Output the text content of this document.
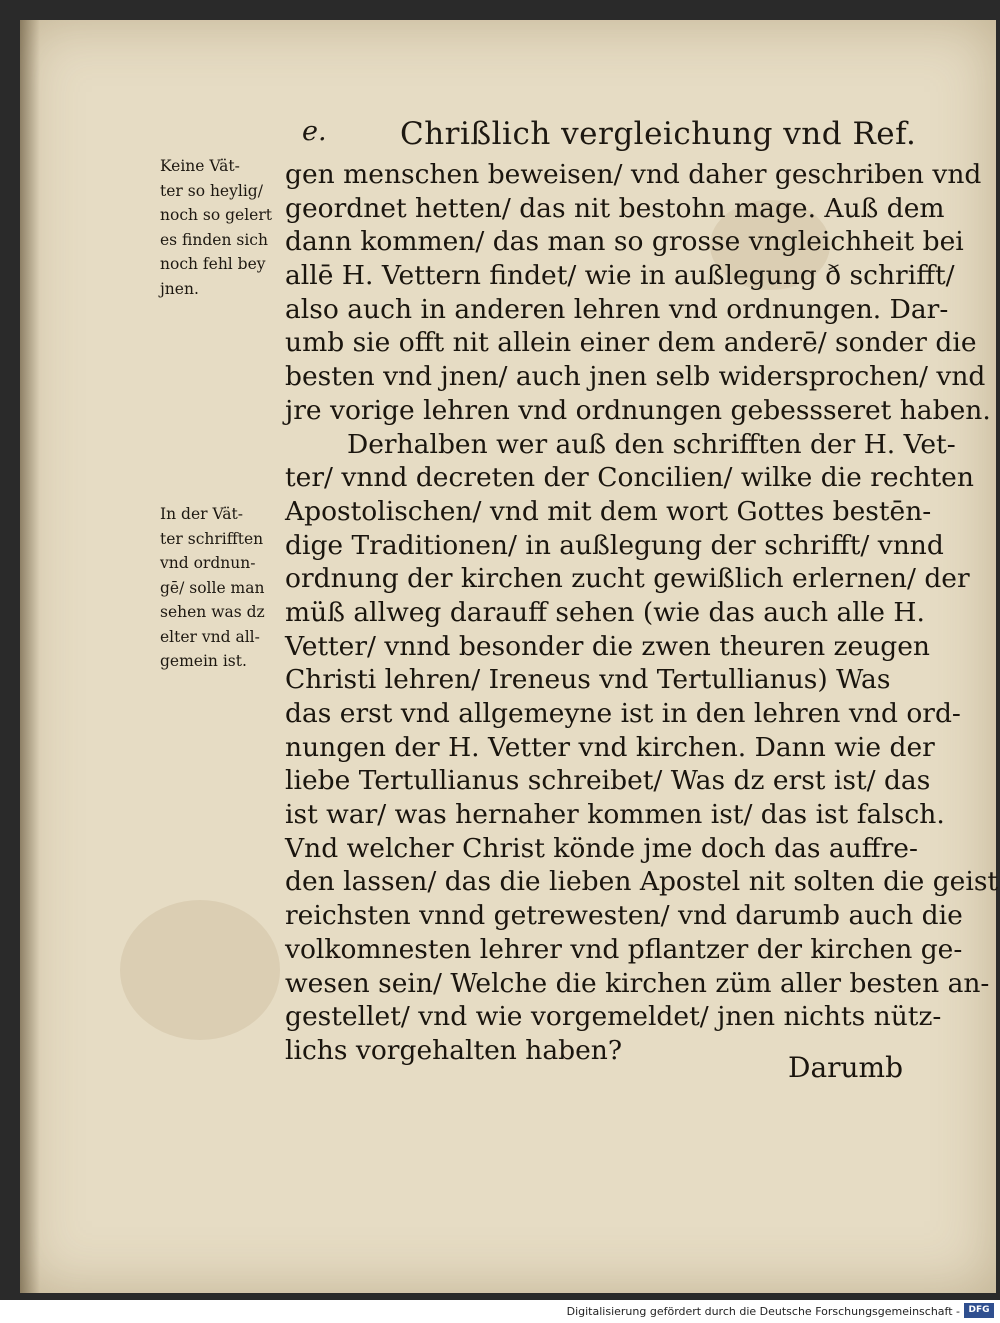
e. Chrißlich vergleichung vnd Ref.
Keine Vät-
ter so heylig/
noch so gelert
es finden sich
noch fehl bey
jnen.
In der Vät-
ter schrifften
vnd ordnun-
gē/ solle man
sehen was dz
elter vnd all-
gemein ist.
gen menschen beweisen/ vnd daher geschriben vnd
geordnet hetten/ das nit bestohn mage. Auß dem
dann kommen/ das man so grosse vngleichheit bei
allē H. Vettern findet/ wie in außlegung ð schrifft/
also auch in anderen lehren vnd ordnungen. Dar-
umb sie offt nit allein einer dem anderē/ sonder die
besten vnd jnen/ auch jnen selb widersprochen/ vnd
jre vorige lehren vnd ordnungen gebessseret haben.
Derhalben wer auß den schrifften der H. Vet-
ter/ vnnd decreten der Concilien/ wilke die rechten
Apostolischen/ vnd mit dem wort Gottes bestēn-
dige Traditionen/ in außlegung der schrifft/ vnnd
ordnung der kirchen zucht gewißlich erlernen/ der
müß allweg darauff sehen (wie das auch alle H.
Vetter/ vnnd besonder die zwen theuren zeugen
Christi lehren/ Ireneus vnd Tertullianus) Was
das erst vnd allgemeyne ist in den lehren vnd ord-
nungen der H. Vetter vnd kirchen. Dann wie der
liebe Tertullianus schreibet/ Was dz erst ist/ das
ist war/ was hernaher kommen ist/ das ist falsch.
Vnd welcher Christ könde jme doch das auffre-
den lassen/ das die lieben Apostel nit solten die geist
reichsten vnnd getrewesten/ vnd darumb auch die
volkomnesten lehrer vnd pflantzer der kirchen ge-
wesen sein/ Welche die kirchen züm aller besten an-
gestellet/ vnd wie vorgemeldet/ jnen nichts nütz-
lichs vorgehalten haben?
Darumb
Digitalisierung gefördert durch die Deutsche Forschungsgemeinschaft - DFG
